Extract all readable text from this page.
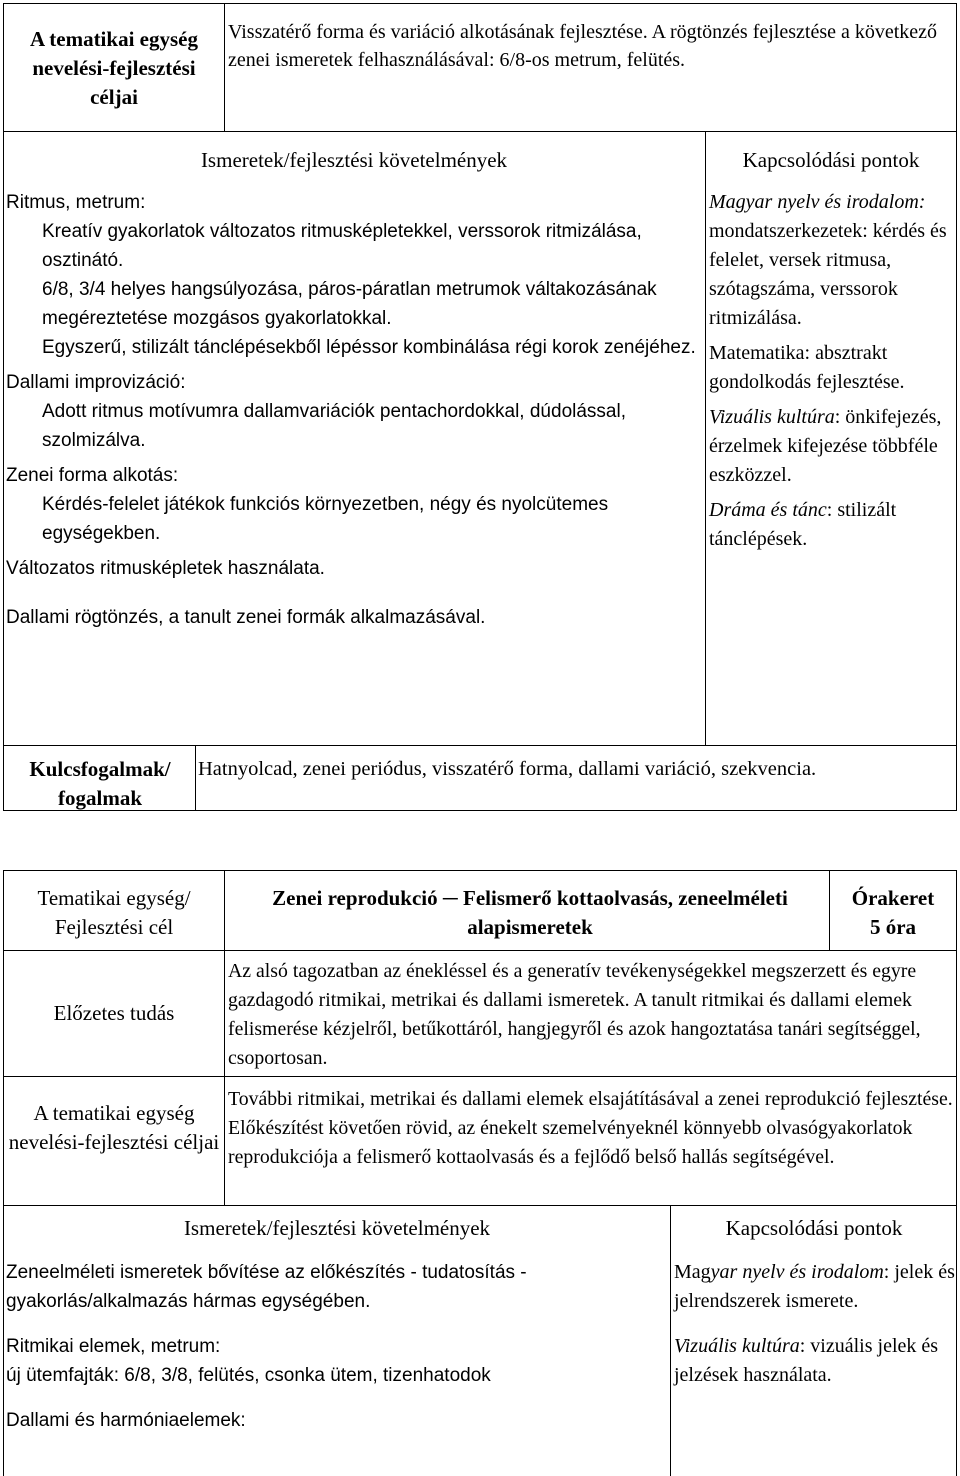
A tematikai egység nevelési-fejlesztési céljai
Visszatérő forma és variáció alkotásának fejlesztése. A rögtönzés fejlesztése a következő zenei ismeretek felhasználásával: 6/8-os metrum, felütés.
Ismeretek/fejlesztési követelmények	Kapcsolódási pontok
Ritmus, metrum:
Kreatív gyakorlatok változatos ritmusképletekkel, verssorok ritmizálása, osztinátó.
6/8, 3/4 helyes hangsúlyozása, páros-páratlan metrumok váltakozásának megéreztetése mozgásos gyakorlatokkal.
Egyszerű, stilizált tánclépésekből lépéssor kombinálása régi korok zenéjéhez.
Dallami improvizáció:
Adott ritmus motívumra dallamvariációk pentachordokkal, dúdolással, szolmizálva.
Zenei forma alkotás:
Kérdés-felelet játékok funkciós környezetben, négy és nyolcütemes egységekben.
Változatos ritmusképletek használata.
Dallami rögtönzés, a tanult zenei formák alkalmazásával.

Magyar nyelv és irodalom: mondatszerkezetek: kérdés és felelet, versek ritmusa, szótagszáma, verssorok ritmizálása.

Matematika: absztrakt gondolkodás fejlesztése.

Vizuális kultúra: önkifejezés, érzelmek kifejezése többféle eszközzel.

Dráma és tánc: stilizált tánclépések.

Kulcsfogalmak/ fogalmak
Hatnyolcad, zenei periódus, visszatérő forma, dallami variáció, szekvencia.
Tematikai egység/ Fejlesztési cél
Zenei reprodukció ─ Felismerő kottaolvasás, zeneelméleti alapismeretek
Órakeret
5 óra
Előzetes tudás
Az alsó tagozatban az énekléssel és a generatív tevékenységekkel megszerzett és egyre gazdagodó ritmikai, metrikai és dallami ismeretek. A tanult ritmikai és dallami elemek felismerése kézjelről, betűkottáról, hangjegyről és azok hangoztatása tanári segítséggel, csoportosan.
A tematikai egység nevelési-fejlesztési céljai
További ritmikai, metrikai és dallami elemek elsajátításával a zenei reprodukció fejlesztése. Előkészítést követően rövid, az énekelt szemelvényeknél könnyebb olvasógyakorlatok reprodukciója a felismerő kottaolvasás és a fejlődő belső hallás segítségével.
Ismeretek/fejlesztési követelmények	Kapcsolódási pontok

Zeneelméleti ismeretek bővítése az előkészítés - tudatosítás - gyakorlás/alkalmazás hármas egységében.

Ritmikai elemek, metrum:
új ütemfajták: 6/8, 3/8, felütés, csonka ütem, tizenhatodok
Dallami és harmóniaelemek:

Magyar nyelv és irodalom: jelek és jelrendszerek ismerete.

Vizuális kultúra: vizuális jelek és jelzések használata.
